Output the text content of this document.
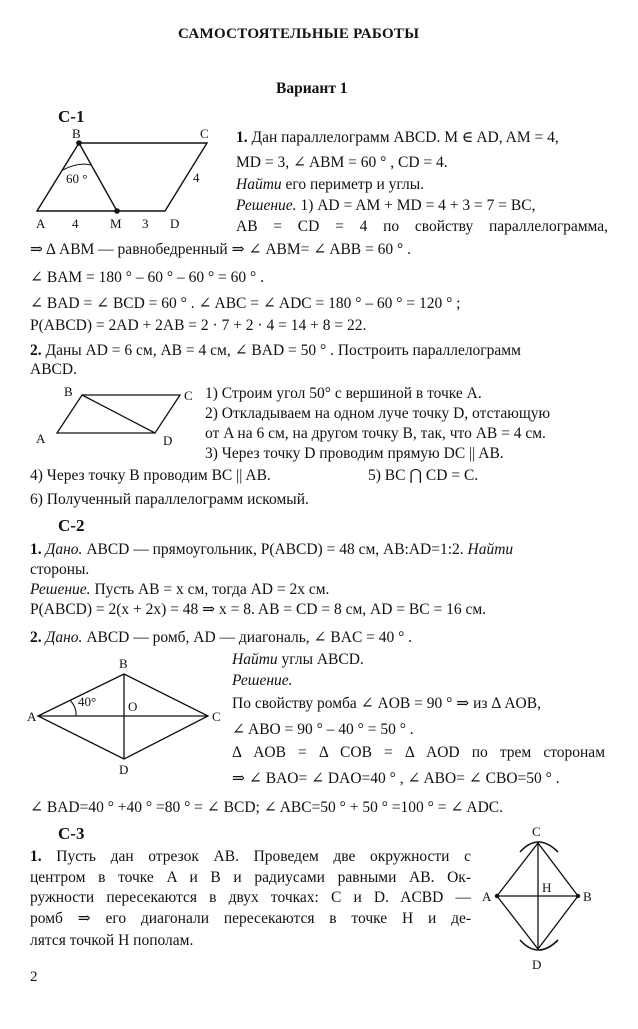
САМОСТОЯТЕЛЬНЫЕ РАБОТЫ
Вариант 1
С-1
B	C
A	M	D
4	3
4
60 °
1. Дан параллелограмм ABCD. M ∈ AD, AM = 4,
MD = 3, ∠ ABM = 60 ° , CD = 4.
Найти его периметр и углы.
Решение. 1) AD = AM + MD = 4 + 3 = 7 = BC,
AB = CD = 4 по свойству параллелограмма,
⇒ Δ ABM — равнобедренный ⇒ ∠ ABM= ∠ ABB = 60 ° .
∠ BAM = 180 ° – 60 ° – 60 ° = 60 ° .
∠ BAD = ∠ BCD = 60 ° . ∠ ABC = ∠ ADC = 180 ° – 60 ° = 120 ° ;
P(ABCD) = 2AD + 2AB = 2 · 7 + 2 · 4 = 14 + 8 = 22.
2. Даны AD = 6 см, AB = 4 см, ∠ BAD = 50 ° . Построить параллелограмм
ABCD.
B	C
A	D
1) Строим угол 50° с вершиной в точке A.
2) Откладываем на одном луче точку D, отстающую
от A на 6 см, на другом точку B, так, что AB = 4 см.
3) Через точку D проводим прямую DC || AB.
4) Через точку B проводим BC || AB.	5) BC ⋂ CD = C.
6) Полученный параллелограмм искомый.
С-2
1. Дано. ABCD — прямоугольник, P(ABCD) = 48 см, AB:AD=1:2. Найти
стороны.
Решение. Пусть AB = x см, тогда AD = 2x см.
P(ABCD) = 2(x + 2x) = 48 ⇒ x = 8. AB = CD = 8 см, AD = BC = 16 см.
2. Дано. ABCD — ромб, AD — диагональ, ∠ BAC = 40 ° .
Найти углы ABCD.
Решение.
По свойству ромба ∠ AOB = 90 ° ⇒ из Δ AOB,
∠ ABO = 90 ° – 40 ° = 50 ° .
Δ AOB = Δ COB = Δ AOD по трем сторонам
⇒ ∠ BAO= ∠ DAO=40 ° , ∠ ABO= ∠ CBO=50 ° .
∠ BAD=40 ° +40 ° =80 ° = ∠ BCD; ∠ ABC=50 ° + 50 ° =100 ° = ∠ ADC.
A
B
C
D
O
40°
С-3
1. Пусть дан отрезок AB. Проведем две окружности с
центром в точке A и B и радиусами равными AB. Ок-
ружности пересекаются в двух точках: C и D. ACBD —
ромб ⇒ его диагонали пересекаются в точке H и де-
лятся точкой H пополам.
C
A	B
D
H
2
